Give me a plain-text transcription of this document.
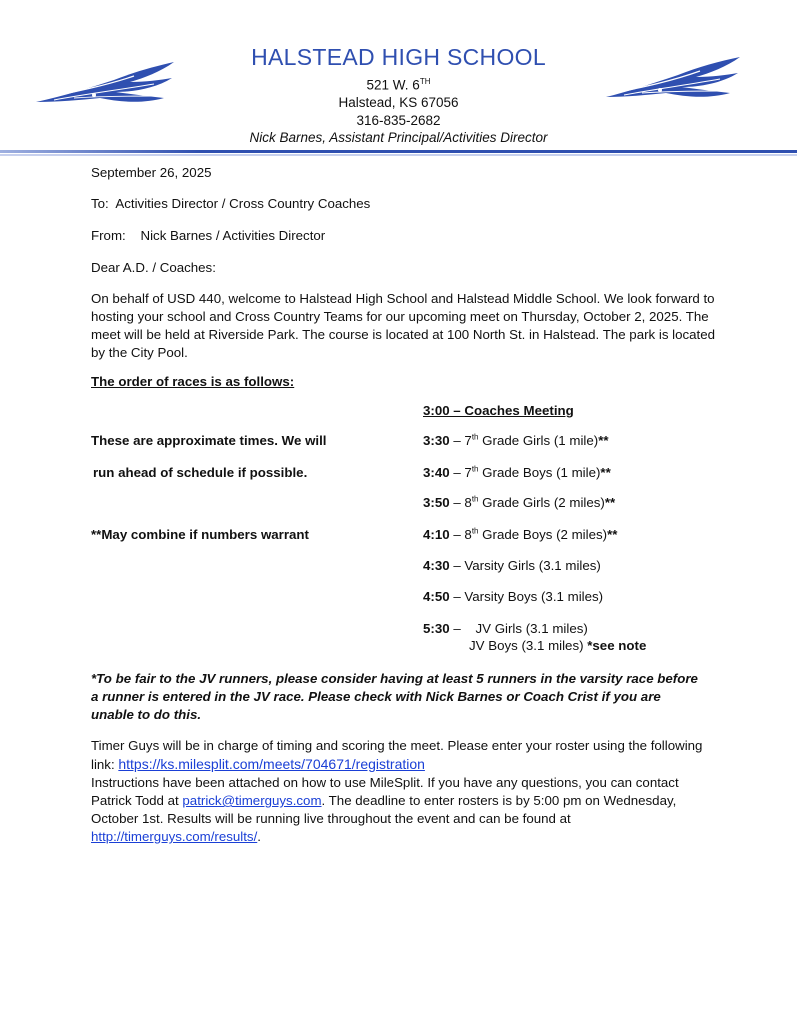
HALSTEAD HIGH SCHOOL
521 W. 6TH
Halstead, KS 67056
316-835-2682
Nick Barnes, Assistant Principal/Activities Director
September 26, 2025
To:  Activities Director / Cross Country Coaches
From:    Nick Barnes / Activities Director
Dear A.D. / Coaches:
On behalf of USD 440, welcome to Halstead High School and Halstead Middle School. We look forward to hosting your school and Cross Country Teams for our upcoming meet on Thursday, October 2, 2025. The meet will be held at Riverside Park. The course is located at 100 North St. in Halstead. The park is located by the City Pool.
The order of races is as follows:
3:00 – Coaches Meeting
3:30 – 7th Grade Girls (1 mile)**
3:40 – 7th Grade Boys (1 mile)**
3:50 – 8th Grade Girls (2 miles)**
4:10 – 8th Grade Boys (2 miles)**
4:30 – Varsity Girls (3.1 miles)
4:50 – Varsity Boys (3.1 miles)
5:30 –    JV Girls (3.1 miles)
JV Boys (3.1 miles) *see note
These are approximate times. We will
run ahead of schedule if possible.
**May combine if numbers warrant
*To be fair to the JV runners, please consider having at least 5 runners in the varsity race before a runner is entered in the JV race. Please check with Nick Barnes or Coach Crist if you are unable to do this.
Timer Guys will be in charge of timing and scoring the meet. Please enter your roster using the following link: https://ks.milesplit.com/meets/704671/registration
Instructions have been attached on how to use MileSplit. If you have any questions, you can contact Patrick Todd at patrick@timerguys.com. The deadline to enter rosters is by 5:00 pm on Wednesday, October 1st. Results will be running live throughout the event and can be found at http://timerguys.com/results/.
